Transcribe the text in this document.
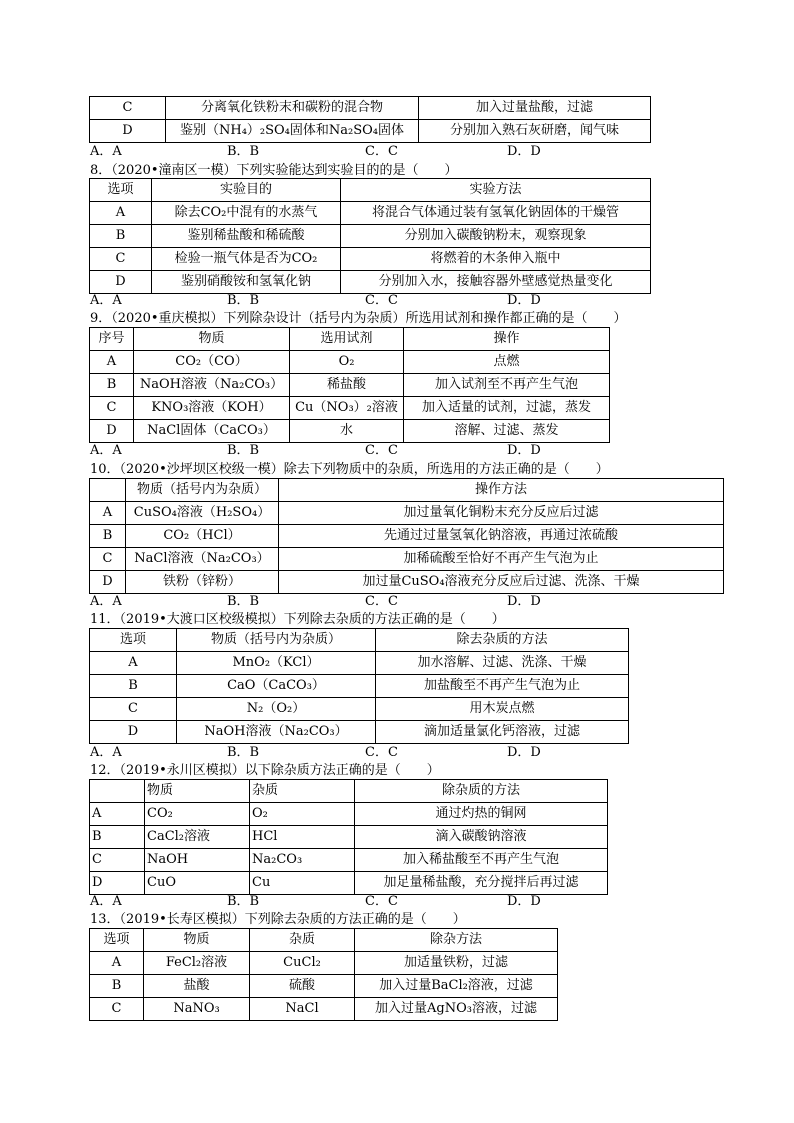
C	分离氧化铁粉末和碳粉的混合物	加入过量盐酸，过滤
D	鉴别（NH₄）₂SO₄固体和Na₂SO₄固体	分别加入熟石灰研磨，闻气味
A．A	B．B	C．C	D．D
8．（2020•潼南区一模）下列实验能达到实验目的的是（　　）
选项	实验目的	实验方法
A	除去CO₂中混有的水蒸气	将混合气体通过装有氢氧化钠固体的干燥管
B	鉴别稀盐酸和稀硫酸	分别加入碳酸钠粉末，观察现象
C	检验一瓶气体是否为CO₂	将燃着的木条伸入瓶中
D	鉴别硝酸铵和氢氧化钠	分别加入水，接触容器外壁感觉热量变化
A．A	B．B	C．C	D．D
9．（2020•重庆模拟）下列除杂设计（括号内为杂质）所选用试剂和操作都正确的是（　　）
序号	物质	选用试剂	操作
A	CO₂（CO）	O₂	点燃
B	NaOH溶液（Na₂CO₃）	稀盐酸	加入试剂至不再产生气泡
C	KNO₃溶液（KOH）	Cu（NO₃）₂溶液	加入适量的试剂，过滤，蒸发
D	NaCl固体（CaCO₃）	水	溶解、过滤、蒸发
A．A	B．B	C．C	D．D
10．（2020•沙坪坝区校级一模）除去下列物质中的杂质，所选用的方法正确的是（　　）
	物质（括号内为杂质）	操作方法
A	CuSO₄溶液（H₂SO₄）	加过量氧化铜粉末充分反应后过滤
B	CO₂（HCl）	先通过过量氢氧化钠溶液，再通过浓硫酸
C	NaCl溶液（Na₂CO₃）	加稀硫酸至恰好不再产生气泡为止
D	铁粉（锌粉）	加过量CuSO₄溶液充分反应后过滤、洗涤、干燥
A．A	B．B	C．C	D．D
11．（2019•大渡口区校级模拟）下列除去杂质的方法正确的是（　　）
选项	物质（括号内为杂质）	除去杂质的方法
A	MnO₂（KCl）	加水溶解、过滤、洗涤、干燥
B	CaO（CaCO₃）	加盐酸至不再产生气泡为止
C	N₂（O₂）	用木炭点燃
D	NaOH溶液（Na₂CO₃）	滴加适量氯化钙溶液，过滤
A．A	B．B	C．C	D．D
12．（2019•永川区模拟）以下除杂质方法正确的是（　　）
	物质	杂质	除杂质的方法
A	CO₂	O₂	通过灼热的铜网
B	CaCl₂溶液	HCl	滴入碳酸钠溶液
C	NaOH	Na₂CO₃	加入稀盐酸至不再产生气泡
D	CuO	Cu	加足量稀盐酸，充分搅拌后再过滤
A．A	B．B	C．C	D．D
13．（2019•长寿区模拟）下列除去杂质的方法正确的是（　　）
选项	物质	杂质	除杂方法
A	FeCl₂溶液	CuCl₂	加适量铁粉，过滤
B	盐酸	硫酸	加入过量BaCl₂溶液，过滤
C	NaNO₃	NaCl	加入过量AgNO₃溶液，过滤
